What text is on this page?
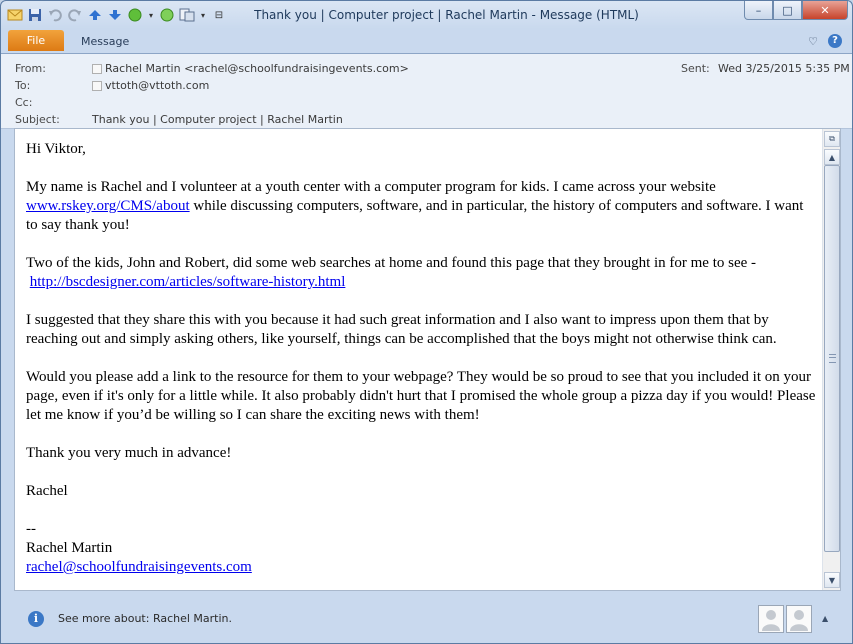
▾	▾ ⊟	Thank you | Computer project | Rachel Martin - Message (HTML)	–	□	✕
File	Message	♡	?
From:	Rachel Martin <rachel@schoolfundraisingevents.com>
To:	vttoth@vttoth.com
Cc:
Subject:	Thank you | Computer project | Rachel Martin
Sent: Wed 3/25/2015 5:35 PM

Hi Viktor,

My name is Rachel and I volunteer at a youth center with a computer program for kids. I came across your website
www.rskey.org/CMS/about while discussing computers, software, and in particular, the history of computers and software. I want to say thank you!

Two of the kids, John and Robert, did some web searches at home and found this page that they brought in for me to see -
http://bscdesigner.com/articles/software-history.html

I suggested that they share this with you because it had such great information and I also want to impress upon them that by reaching out and simply asking others, like yourself, things can be accomplished that the boys might not otherwise think can.

Would you please add a link to the resource for them to your webpage? They would be so proud to see that you included it on your page, even if it's only for a little while. It also probably didn't hurt that I promised the whole group a pizza day if you would! Please let me know if you’d be willing so I can share the exciting news with them!

Thank you very much in advance!

Rachel

--
Rachel Martin
rachel@schoolfundraisingevents.com

⧉
▲
▼
i	See more about: Rachel Martin.	▲
